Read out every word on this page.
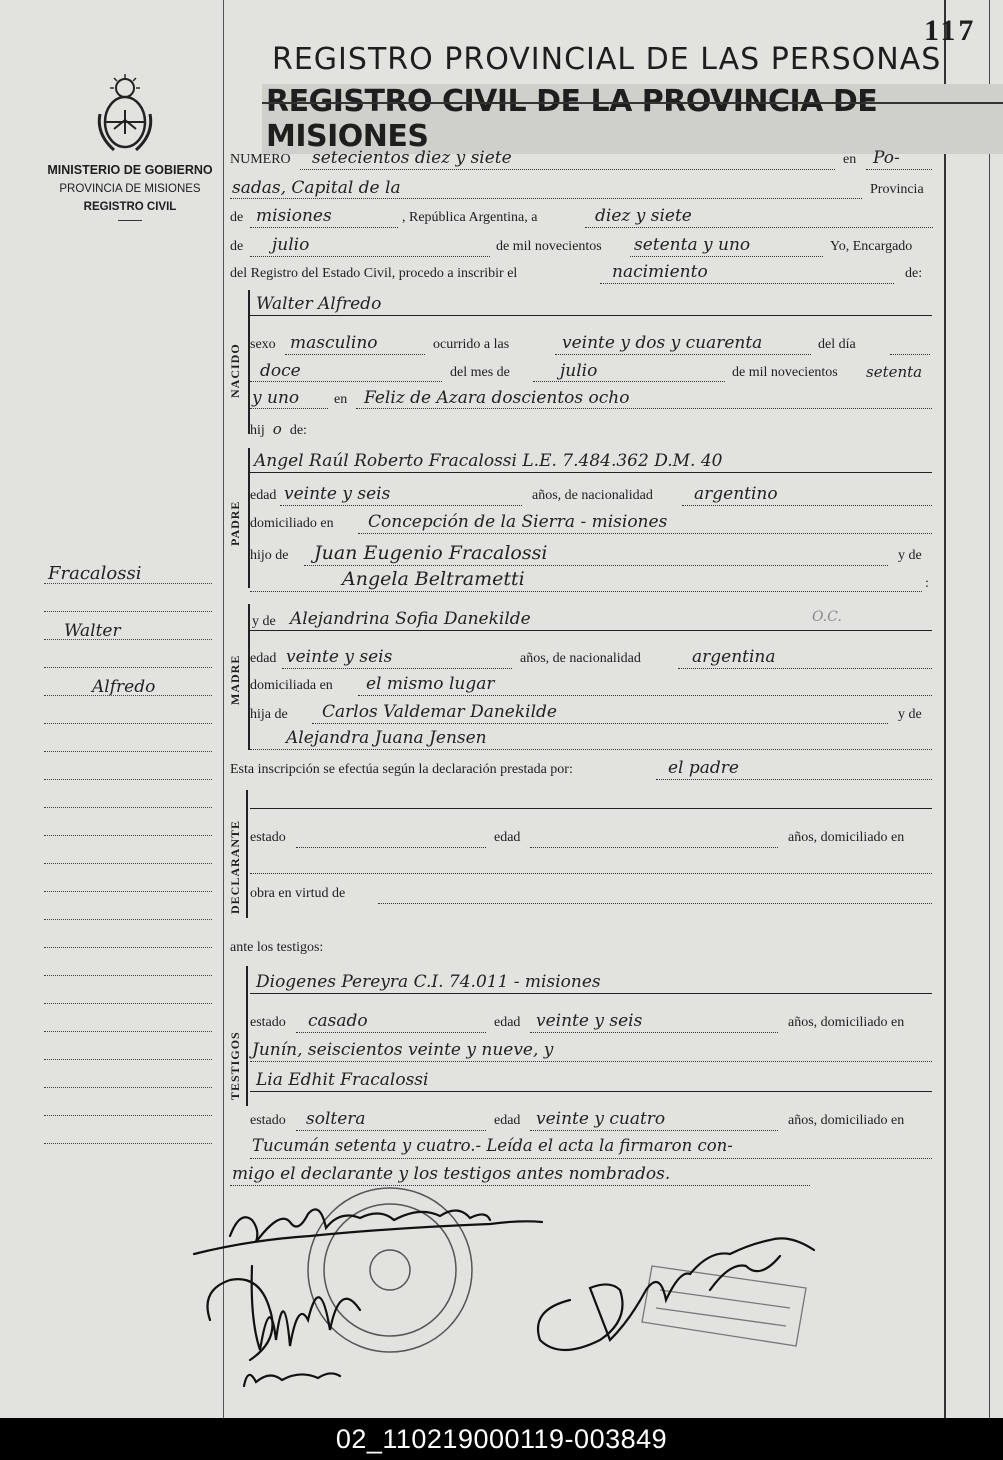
117
REGISTRO PROVINCIAL DE LAS PERSONAS
REGISTRO CIVIL DE LA PROVINCIA DE MISIONES
MINISTERIO DE GOBIERNO
PROVINCIA DE MISIONES
REGISTRO CIVIL
Fracalossi
Walter
Alfredo
NUMERO setecientos diez y siete	en Po-
sadas, Capital de la	Provincia
de misiones	, República Argentina, a	diez y siete
de julio	de mil novecientos setenta y uno	Yo, Encargado
del Registro del Estado Civil, procedo a inscribir el	nacimiento	de:
NACIDO
Walter Alfredo
sexo masculino	ocurrido a las	veinte y dos y cuarenta	del día
doce	del mes de	julio	de mil novecientos setenta
y uno en Feliz de Azara doscientos ocho
hij o de:
PADRE
Angel Raúl Roberto Fracalossi L.E. 7.484.362 D.M. 40
edad veinte y seis	años, de nacionalidad argentino
domiciliado en Concepción de la Sierra - misiones
hijo de Juan Eugenio Fracalossi	y de
Angela Beltrametti	:
MADRE
y de Alejandrina Sofia Danekilde	O.C.
edad veinte y seis	años, de nacionalidad	argentina
domiciliada en el mismo lugar
hija de Carlos Valdemar Danekilde	y de
Alejandra Juana Jensen
Esta inscripción se efectúa según la declaración prestada por:	el padre
DECLARANTE estado	edad	años, domiciliado en
obra en virtud de
ante los testigos:
TESTIGOS
Diogenes Pereyra C.I. 74.011 - misiones
estado casado	edad veinte y seis	años, domiciliado en
Junín, seiscientos veinte y nueve, y
Lia Edhit Fracalossi
estado soltera	edad veinte y cuatro	años, domiciliado en
Tucumán setenta y cuatro.- Leída el acta la firmaron con-
migo el declarante y los testigos antes nombrados.
02_110219000119-003849
